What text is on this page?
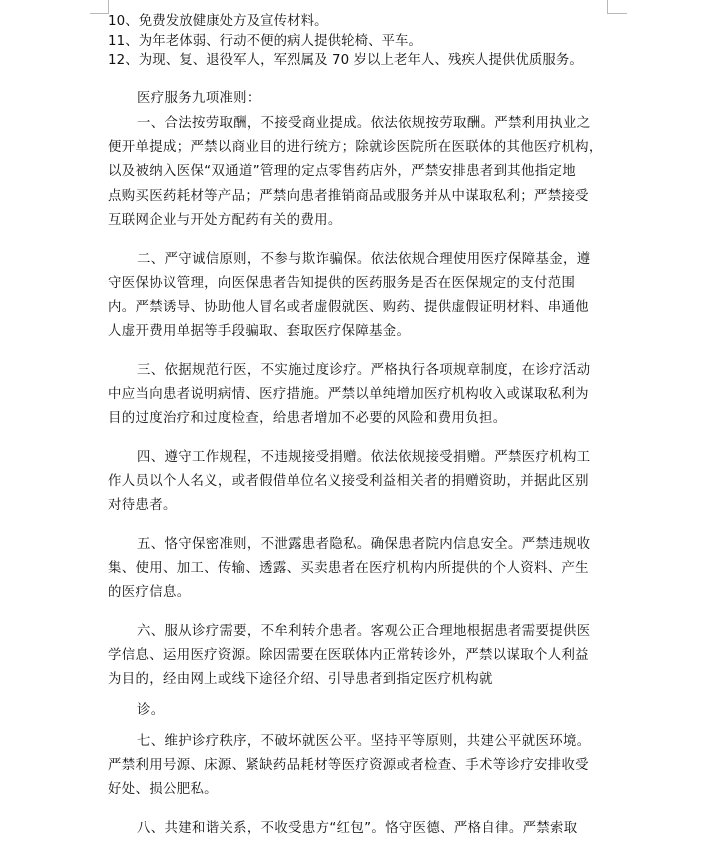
10、免费发放健康处方及宣传材料。
11、为年老体弱、行动不便的病人提供轮椅、平车。
12、为现、复、退役军人，军烈属及 70 岁以上老年人、残疾人提供优质服务。
医疗服务九项准则：
一、合法按劳取酬，不接受商业提成。依法依规按劳取酬。严禁利用执业之
便开单提成；严禁以商业目的进行统方；除就诊医院所在医联体的其他医疗机构，
以及被纳入医保“双通道”管理的定点零售药店外，严禁安排患者到其他指定地
点购买医药耗材等产品；严禁向患者推销商品或服务并从中谋取私利；严禁接受
互联网企业与开处方配药有关的费用。
二、严守诚信原则，不参与欺诈骗保。依法依规合理使用医疗保障基金，遵
守医保协议管理，向医保患者告知提供的医药服务是否在医保规定的支付范围
内。严禁诱导、协助他人冒名或者虚假就医、购药、提供虚假证明材料、串通他
人虚开费用单据等手段骗取、套取医疗保障基金。
三、依据规范行医，不实施过度诊疗。严格执行各项规章制度，在诊疗活动
中应当向患者说明病情、医疗措施。严禁以单纯增加医疗机构收入或谋取私利为
目的过度治疗和过度检查，给患者增加不必要的风险和费用负担。
四、遵守工作规程，不违规接受捐赠。依法依规接受捐赠。严禁医疗机构工
作人员以个人名义，或者假借单位名义接受利益相关者的捐赠资助，并据此区别
对待患者。
五、恪守保密准则，不泄露患者隐私。确保患者院内信息安全。严禁违规收
集、使用、加工、传输、透露、买卖患者在医疗机构内所提供的个人资料、产生
的医疗信息。
六、服从诊疗需要，不牟利转介患者。客观公正合理地根据患者需要提供医
学信息、运用医疗资源。除因需要在医联体内正常转诊外，严禁以谋取个人利益
为目的，经由网上或线下途径介绍、引导患者到指定医疗机构就
诊。
七、维护诊疗秩序，不破坏就医公平。坚持平等原则，共建公平就医环境。
严禁利用号源、床源、紧缺药品耗材等医疗资源或者检查、手术等诊疗安排收受
好处、损公肥私。
八、共建和谐关系，不收受患方“红包”。恪守医德、严格自律。严禁索取
